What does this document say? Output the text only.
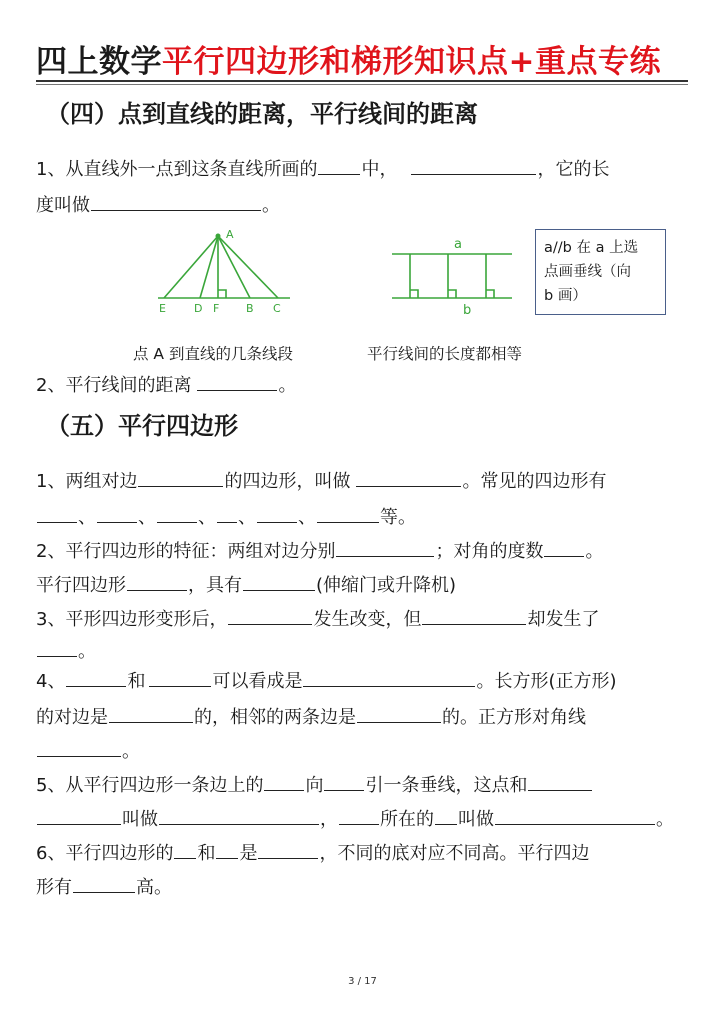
四上数学平行四边形和梯形知识点+重点专练
（四）点到直线的距离，平行线间的距离
1、从直线外一点到这条直线所画的 中，	，它的长
度叫做	。
A
E	D F B C
a
b
a//b 在 a 上选
点画垂线（向
b 画）
点 A 到直线的几条线段	平行线间的长度都相等
2、平行线间的距离	。
（五）平行四边形
1、两组对边	的四边形，叫做	。常见的四边形有
、 、 、 、 、	等。
2、平行四边形的特征：两组对边分别	；对角的度数 。
平行四边形	，具有	(伸缩门或升降机)
3、平形四边形变形后，	发生改变，但	却发生了
。
4、	和	可以看成是	。长方形(正方形)
的对边是	的，相邻的两条边是	的。正方形对角线
。
5、从平行四边形一条边上的 向 引一条垂线，这点和
叫做	， 所在的 叫做	。
6、平行四边形的 和 是	，不同的底对应不同高。平行四边
形有	高。
3 / 17
